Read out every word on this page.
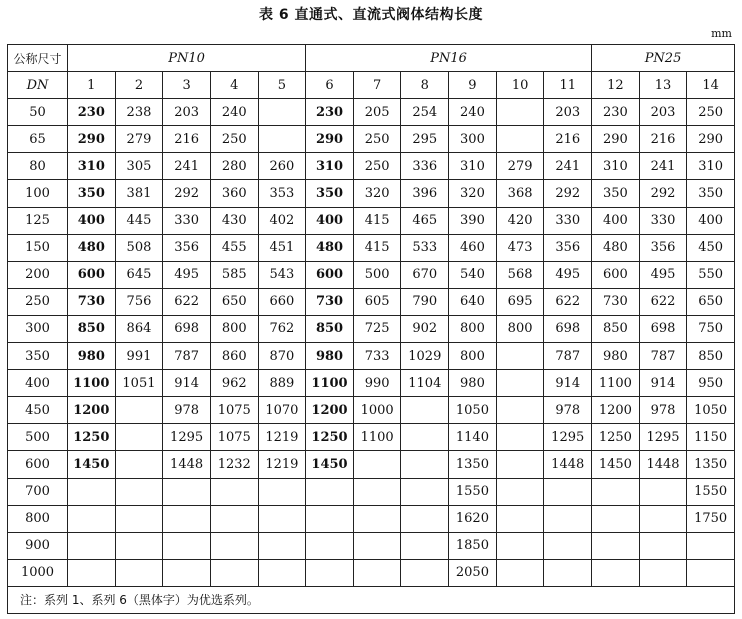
表 6 直通式、直流式阀体结构长度
mm
公称尺寸	PN10					PN16						PN25		
DN	1	2	3	4	5	6	7	8	9	10	11	12	13	14
50	230	238	203	240		230	205	254	240		203	230	203	250
65	290	279	216	250		290	250	295	300		216	290	216	290
80	310	305	241	280	260	310	250	336	310	279	241	310	241	310
100	350	381	292	360	353	350	320	396	320	368	292	350	292	350
125	400	445	330	430	402	400	415	465	390	420	330	400	330	400
150	480	508	356	455	451	480	415	533	460	473	356	480	356	450
200	600	645	495	585	543	600	500	670	540	568	495	600	495	550
250	730	756	622	650	660	730	605	790	640	695	622	730	622	650
300	850	864	698	800	762	850	725	902	800	800	698	850	698	750
350	980	991	787	860	870	980	733	1029	800		787	980	787	850
400	1100	1051	914	962	889	1100	990	1104	980		914	1100	914	950
450	1200		978	1075	1070	1200	1000		1050		978	1200	978	1050
500	1250		1295	1075	1219	1250	1100		1140		1295	1250	1295	1150
600	1450		1448	1232	1219	1450			1350		1448	1450	1448	1350
700									1550					1550
800									1620					1750
900									1850					
1000									2050					
注：系列 1、系列 6（黑体字）为优选系列。														
